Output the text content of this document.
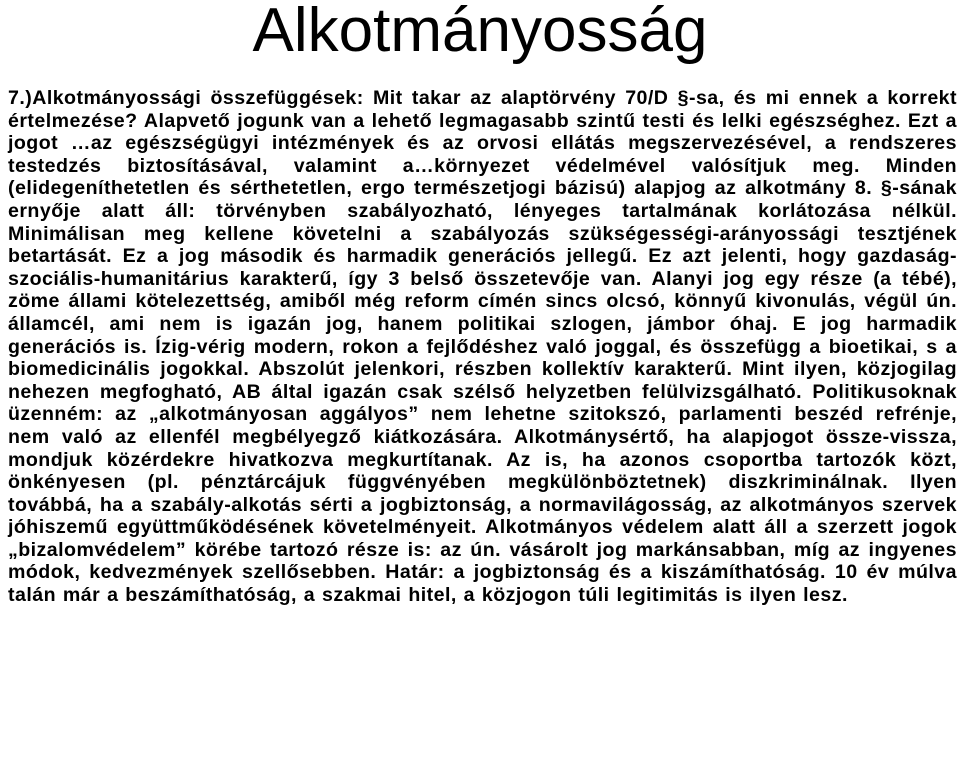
Alkotmányosság

7.)Alkotmányossági összefüggések: Mit takar az alaptörvény 70/D §-sa, és mi ennek a korrekt értelmezése? Alapvető jogunk van a lehető legmagasabb szintű testi és lelki egészséghez. Ezt a jogot …az egészségügyi intézmények és az orvosi ellátás megszervezésével, a rendszeres testedzés biztosításával, valamint a…környezet védelmével valósítjuk meg. Minden (elidegeníthetetlen és sérthetetlen, ergo természetjogi bázisú) alapjog az alkotmány 8. §-sának ernyője alatt áll: törvényben szabályozható, lényeges tartalmának korlátozása nélkül. Minimálisan meg kellene követelni a szabályozás szükségességi-arányossági tesztjének betartását. Ez a jog második és harmadik generációs jellegű. Ez azt jelenti, hogy gazdaság-szociális-humanitárius karakterű, így 3 belső összetevője van. Alanyi jog egy része (a tébé), zöme állami kötelezettség, amiből még reform címén sincs olcsó, könnyű kivonulás, végül ún. államcél, ami nem is igazán jog, hanem politikai szlogen, jámbor óhaj. E jog harmadik generációs is. Ízig-vérig modern, rokon a fejlődéshez való joggal, és összefügg a bioetikai, s a biomedicinális jogokkal. Abszolút jelenkori, részben kollektív karakterű. Mint ilyen, közjogilag nehezen megfogható, AB által igazán csak szélső helyzetben felülvizsgálható. Politikusoknak üzenném: az „alkotmányosan aggályos” nem lehetne szitokszó, parlamenti beszéd refrénje, nem való az ellenfél megbélyegző kiátkozására. Alkotmánysértő, ha alapjogot össze-vissza, mondjuk közérdekre hivatkozva megkurtítanak. Az is, ha azonos csoportba tartozók közt, önkényesen (pl. pénztárcájuk függvényében megkülönböztetnek) diszkriminálnak. Ilyen továbbá, ha a szabály-alkotás sérti a jogbiztonság, a normavilágosság, az alkotmányos szervek jóhiszemű együttműködésének követelményeit. Alkotmányos védelem alatt áll a szerzett jogok „bizalomvédelem” körébe tartozó része is: az ún. vásárolt jog markánsabban, míg az ingyenes módok, kedvezmények szellősebben. Határ: a jogbiztonság és a kiszámíthatóság. 10 év múlva talán már a beszámíthatóság, a szakmai hitel, a közjogon túli legitimitás is ilyen lesz.
